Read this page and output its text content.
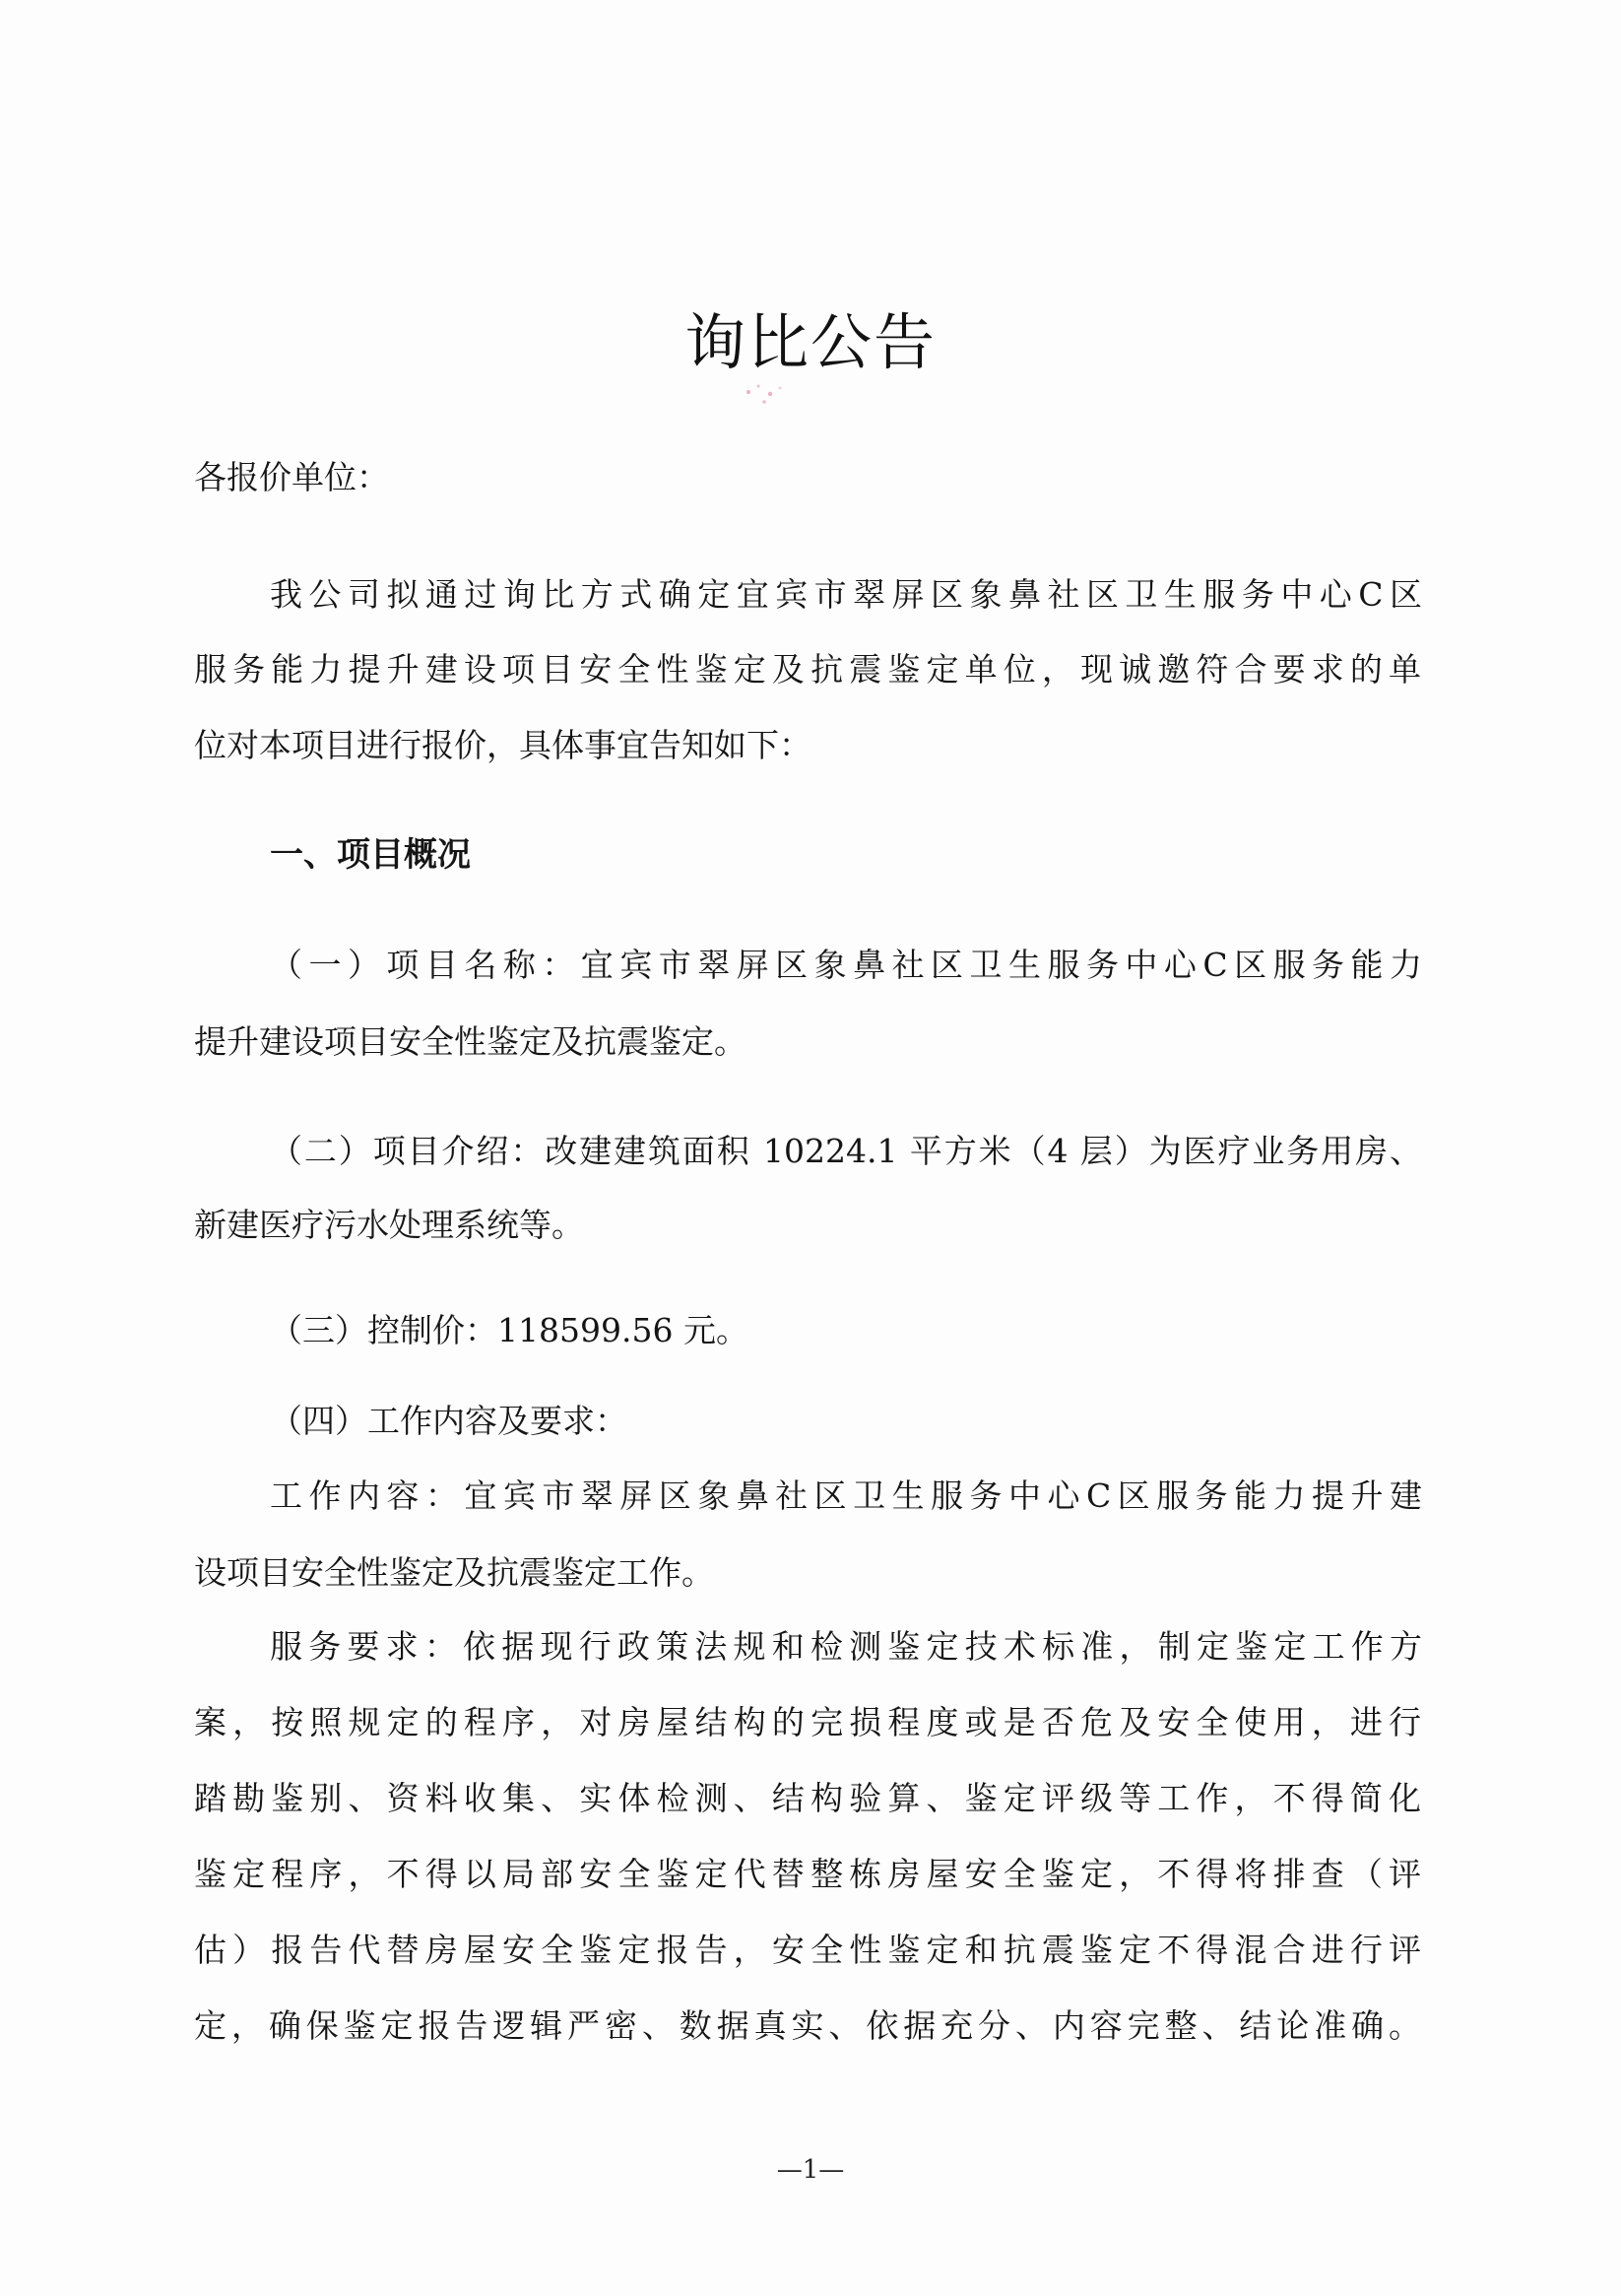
询比公告
各报价单位：
我公司拟通过询比方式确定宜宾市翠屏区象鼻社区卫生服务中心C区
服务能力提升建设项目安全性鉴定及抗震鉴定单位，现诚邀符合要求的单
位对本项目进行报价，具体事宜告知如下：
一、项目概况
（一）项目名称：宜宾市翠屏区象鼻社区卫生服务中心C区服务能力
提升建设项目安全性鉴定及抗震鉴定。
（二）项目介绍：改建建筑面积 10224.1 平方米（4 层）为医疗业务用房、
新建医疗污水处理系统等。
（三）控制价：118599.56 元。
（四）工作内容及要求：
工作内容：宜宾市翠屏区象鼻社区卫生服务中心C区服务能力提升建
设项目安全性鉴定及抗震鉴定工作。
服务要求：依据现行政策法规和检测鉴定技术标准，制定鉴定工作方
案，按照规定的程序，对房屋结构的完损程度或是否危及安全使用，进行
踏勘鉴别、资料收集、实体检测、结构验算、鉴定评级等工作，不得简化
鉴定程序，不得以局部安全鉴定代替整栋房屋安全鉴定，不得将排查（评
估）报告代替房屋安全鉴定报告，安全性鉴定和抗震鉴定不得混合进行评
定，确保鉴定报告逻辑严密、数据真实、依据充分、内容完整、结论准确。
—1—
